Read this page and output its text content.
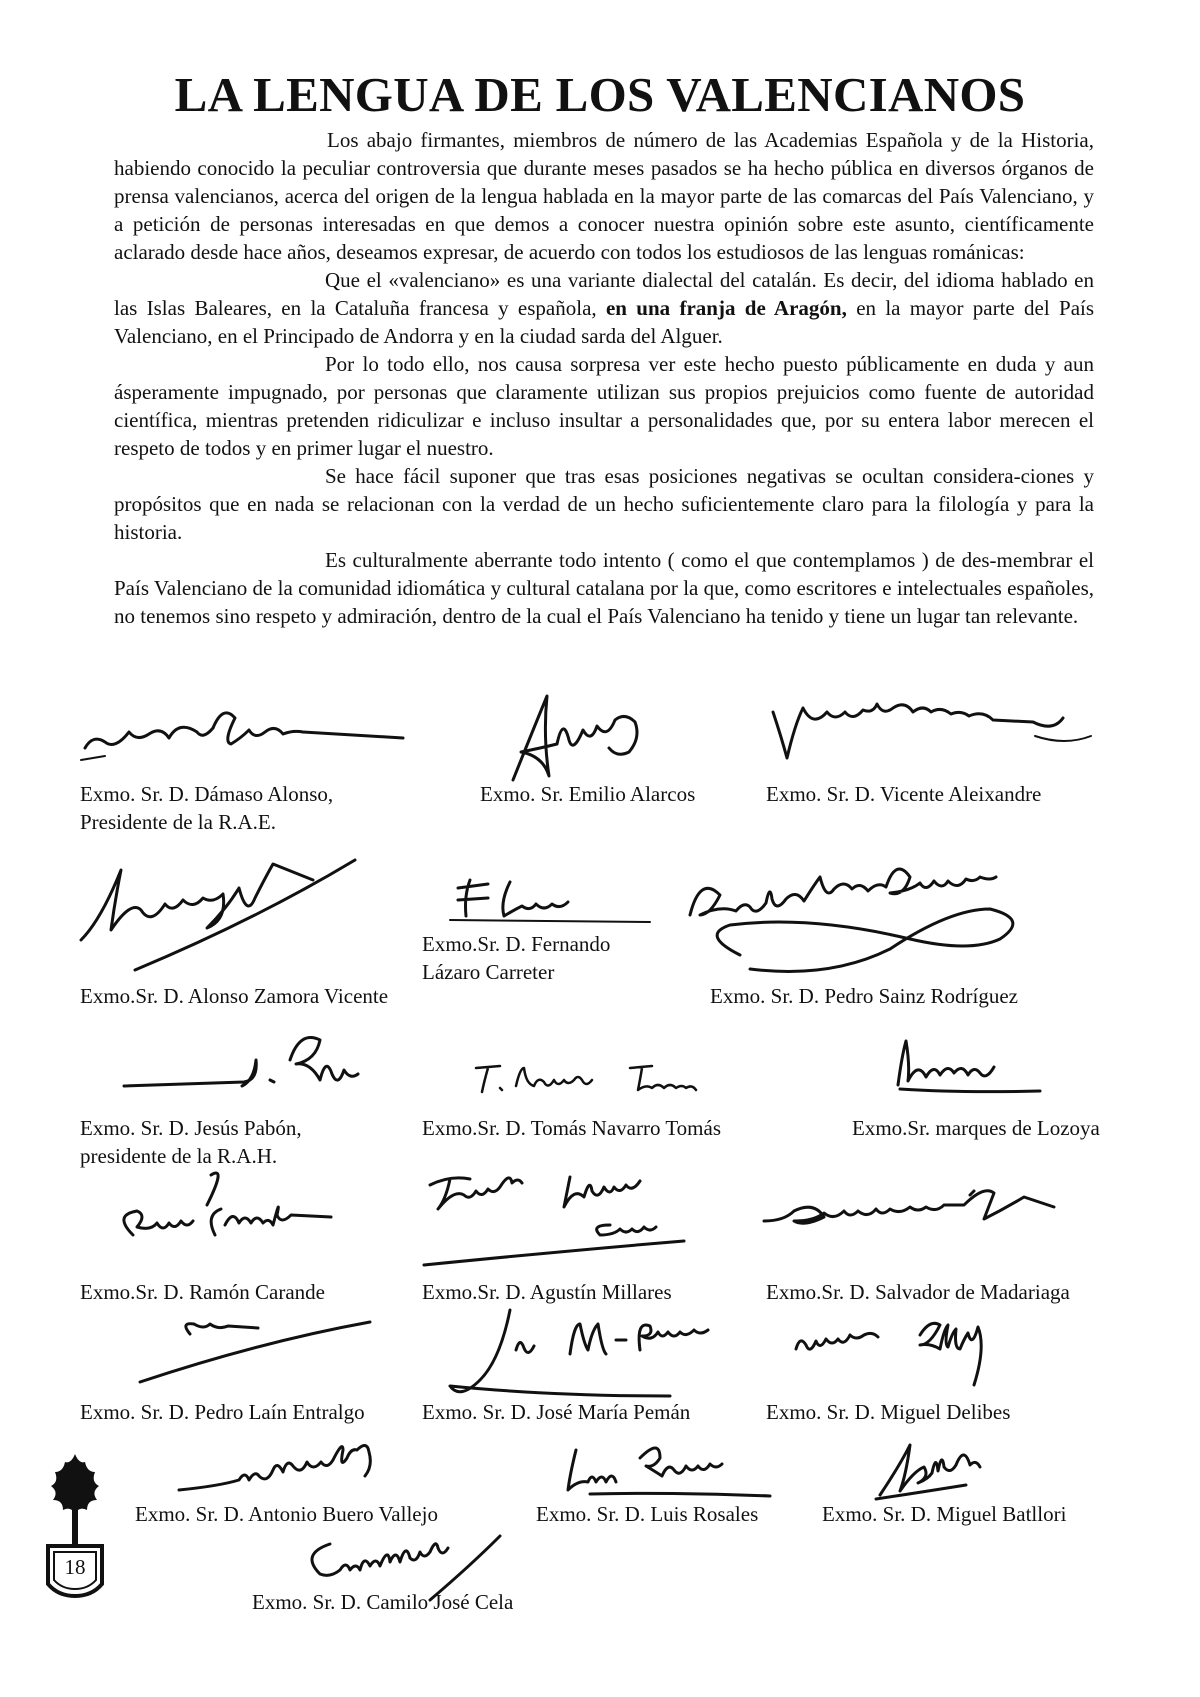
LA LENGUA DE LOS VALENCIANOS

Los abajo firmantes, miembros de número de las Academias Española y de la Historia, habiendo conocido la peculiar controversia que durante meses pasados se ha hecho pública en diversos órganos de prensa valencianos, acerca del origen de la lengua hablada en la mayor parte de las comarcas del País Valenciano, y a petición de personas interesadas en que demos a conocer nuestra opinión sobre este asunto, científicamente aclarado desde hace años, deseamos expresar, de acuerdo con todos los estudiosos de las lenguas románicas:

Que el «valenciano» es una variante dialectal del catalán. Es decir, del idioma hablado en las Islas Baleares, en la Cataluña francesa y española, en una franja de Aragón, en la mayor parte del País Valenciano, en el Principado de Andorra y en la ciudad sarda del Alguer.

Por lo todo ello, nos causa sorpresa ver este hecho puesto públicamente en duda y aun ásperamente impugnado, por personas que claramente utilizan sus propios prejuicios como fuente de autoridad científica, mientras pretenden ridiculizar e incluso insultar a personalidades que, por su entera labor merecen el respeto de todos y en primer lugar el nuestro.

Se hace fácil suponer que tras esas posiciones negativas se ocultan considera-ciones y propósitos que en nada se relacionan con la verdad de un hecho suficientemente claro para la filología y para la historia.

Es culturalmente aberrante todo intento ( como el que contemplamos ) de des-membrar el País Valenciano de la comunidad idiomática y cultural catalana por la que, como escritores e intelectuales españoles, no tenemos sino respeto y admiración, dentro de la cual el País Valenciano ha tenido y tiene un lugar tan relevante.

Exmo. Sr. D. Dámaso Alonso,
Presidente de la R.A.E.
Exmo. Sr. Emilio Alarcos	Exmo. Sr. D. Vicente Aleixandre
Exmo.Sr. D. Fernando
Lázaro Carreter
Exmo.Sr. D. Alonso Zamora Vicente	Exmo. Sr. D. Pedro Sainz Rodríguez
Exmo. Sr. D. Jesús Pabón,
presidente de la R.A.H.
Exmo.Sr. D. Tomás Navarro Tomás	Exmo.Sr. marques de Lozoya
Exmo.Sr. D. Ramón Carande	Exmo.Sr. D. Agustín Millares	Exmo.Sr. D. Salvador de Madariaga
Exmo. Sr. D. Pedro Laín Entralgo	Exmo. Sr. D. José María Pemán	Exmo. Sr. D. Miguel Delibes
Exmo. Sr. D. Antonio Buero Vallejo	Exmo. Sr. D. Luis Rosales	Exmo. Sr. D. Miguel Batllori
Exmo. Sr. D. Camilo José Cela
18
